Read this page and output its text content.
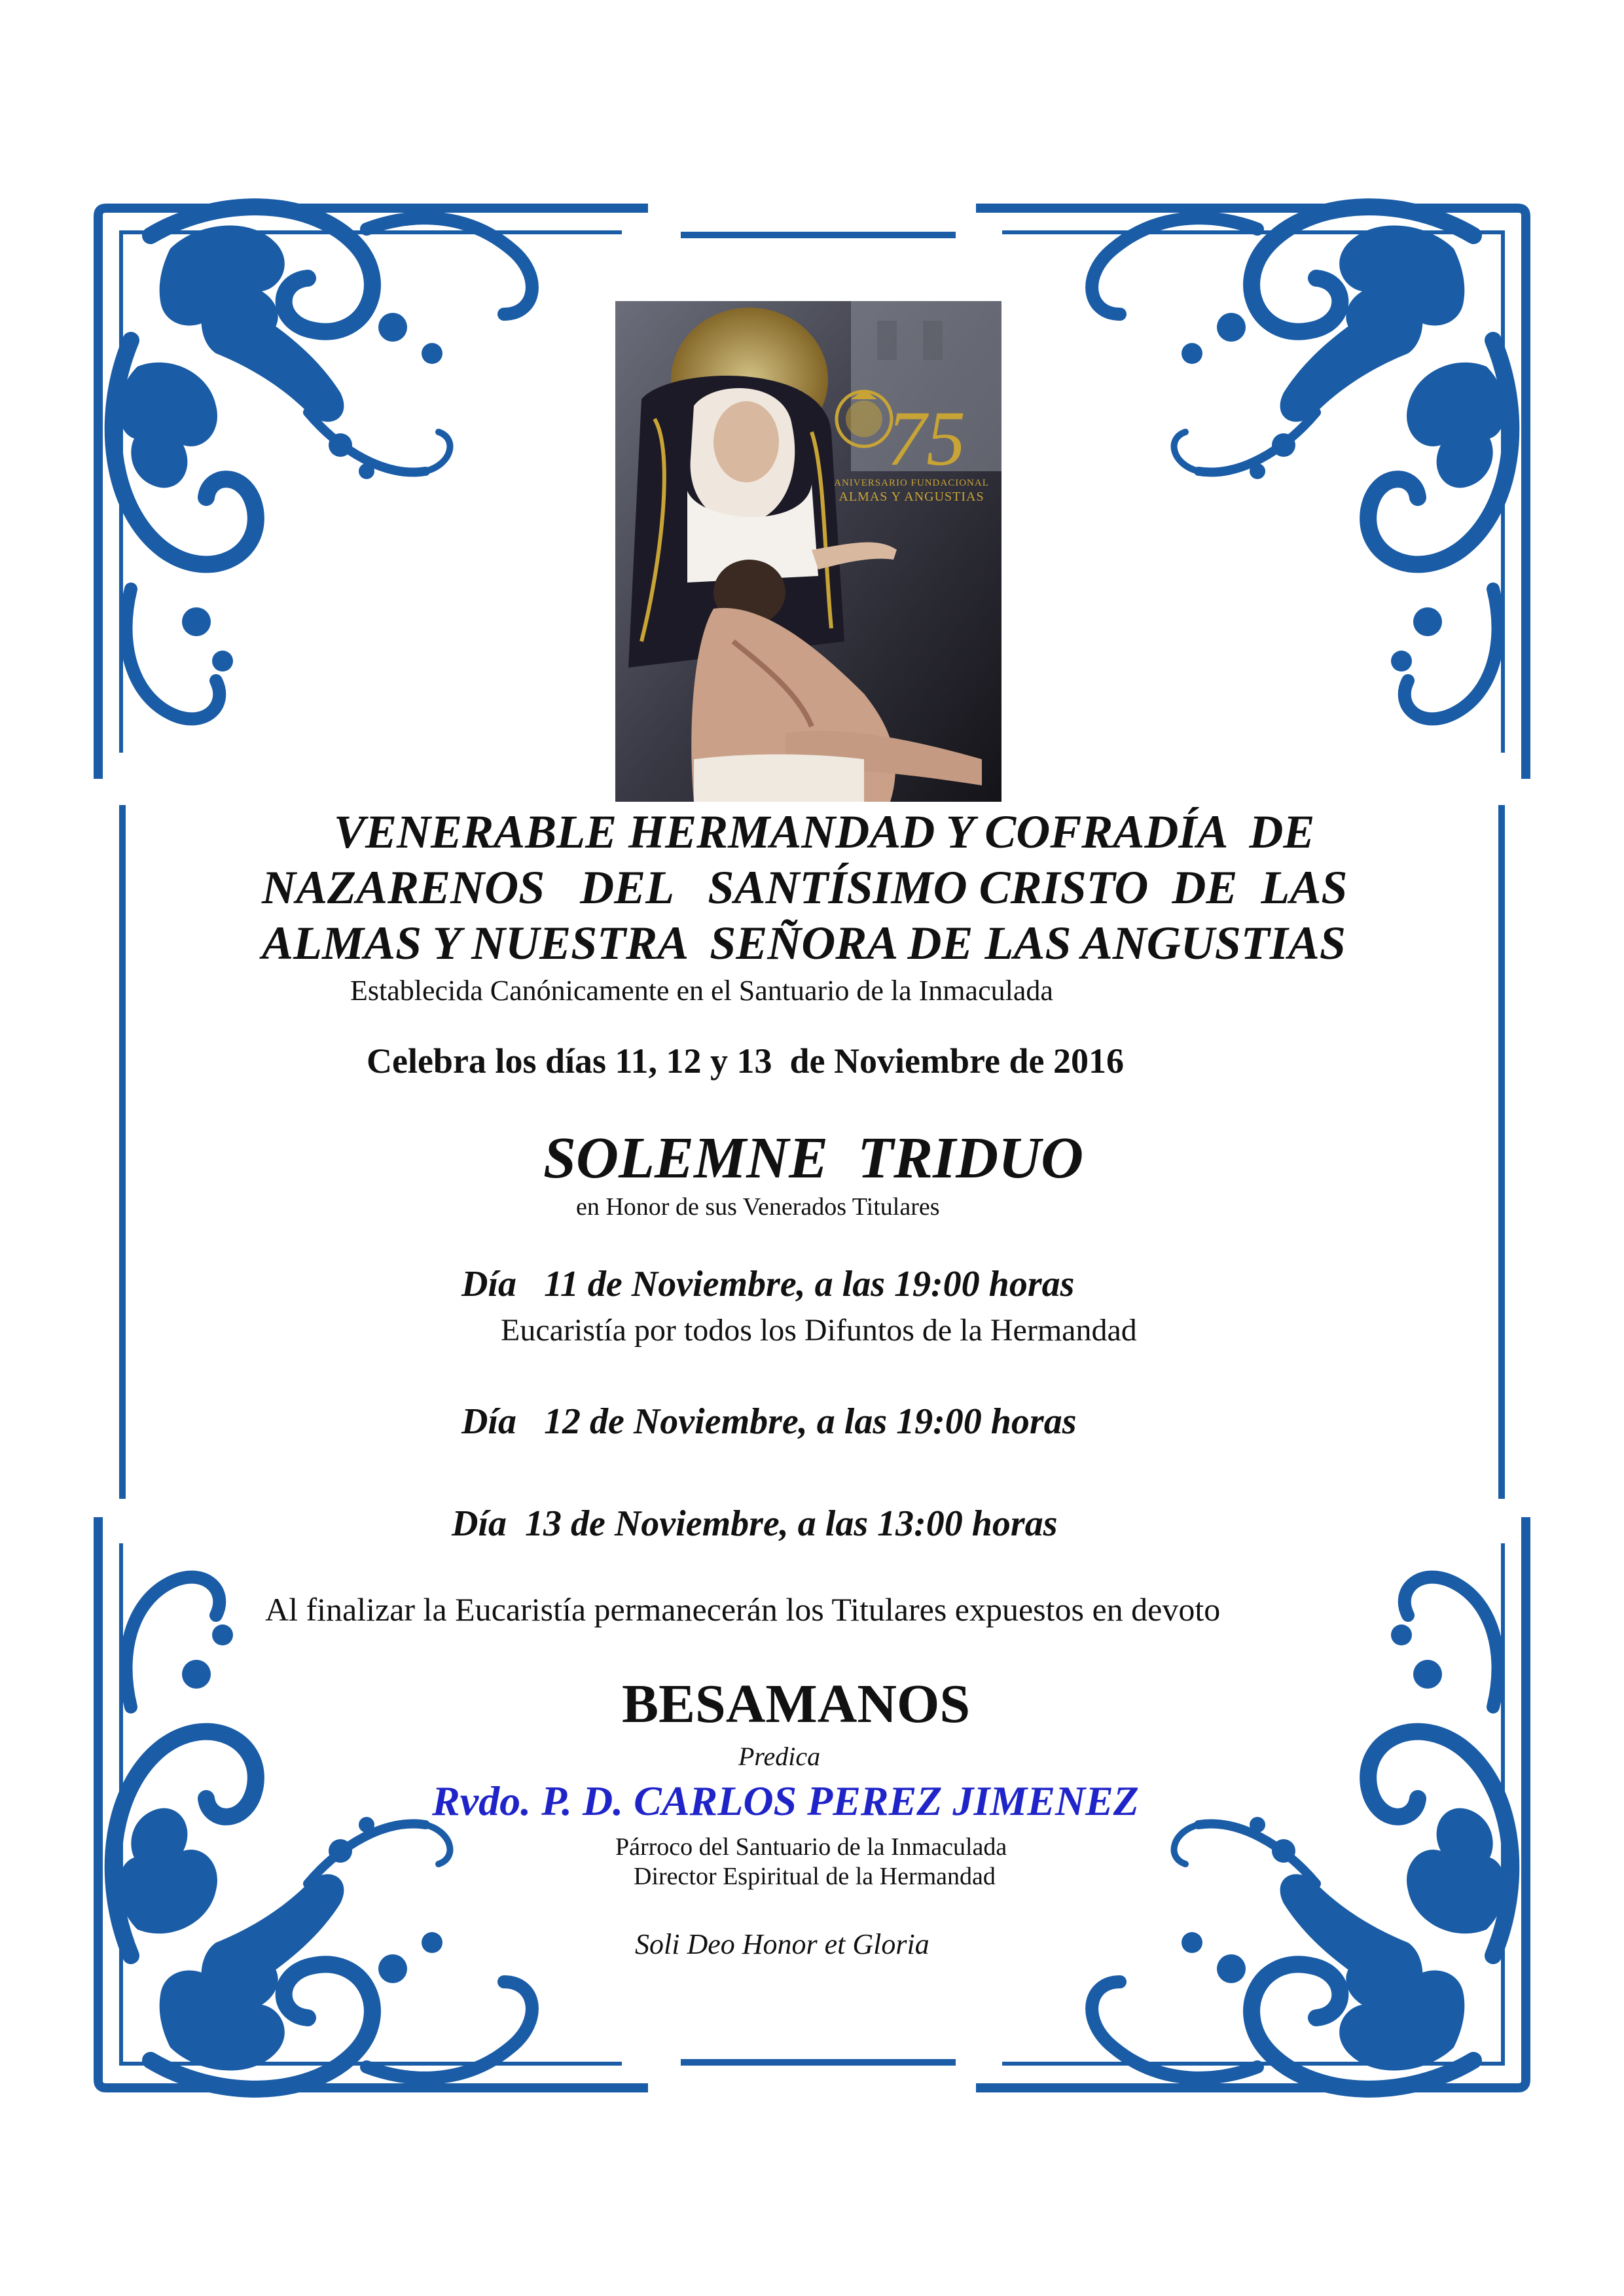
75
ANIVERSARIO FUNDACIONAL
ALMAS Y ANGUSTIAS
VENERABLE HERMANDAD Y COFRADÍA  DE
NAZARENOS   DEL   SANTÍSIMO CRISTO  DE  LAS
ALMAS Y NUESTRA  SEÑORA DE LAS ANGUSTIAS
Establecida Canónicamente en el Santuario de la Inmaculada
Celebra los días 11, 12 y 13  de Noviembre de 2016
SOLEMNE  TRIDUO
en Honor de sus Venerados Titulares
Día   11 de Noviembre, a las 19:00 horas
Eucaristía por todos los Difuntos de la Hermandad
Día   12 de Noviembre, a las 19:00 horas
Día  13 de Noviembre, a las 13:00 horas
Al finalizar la Eucaristía permanecerán los Titulares expuestos en devoto
BESAMANOS
Predica
Rvdo. P. D. CARLOS PEREZ JIMENEZ
Párroco del Santuario de la Inmaculada
Director Espiritual de la Hermandad
Soli Deo Honor et Gloria
